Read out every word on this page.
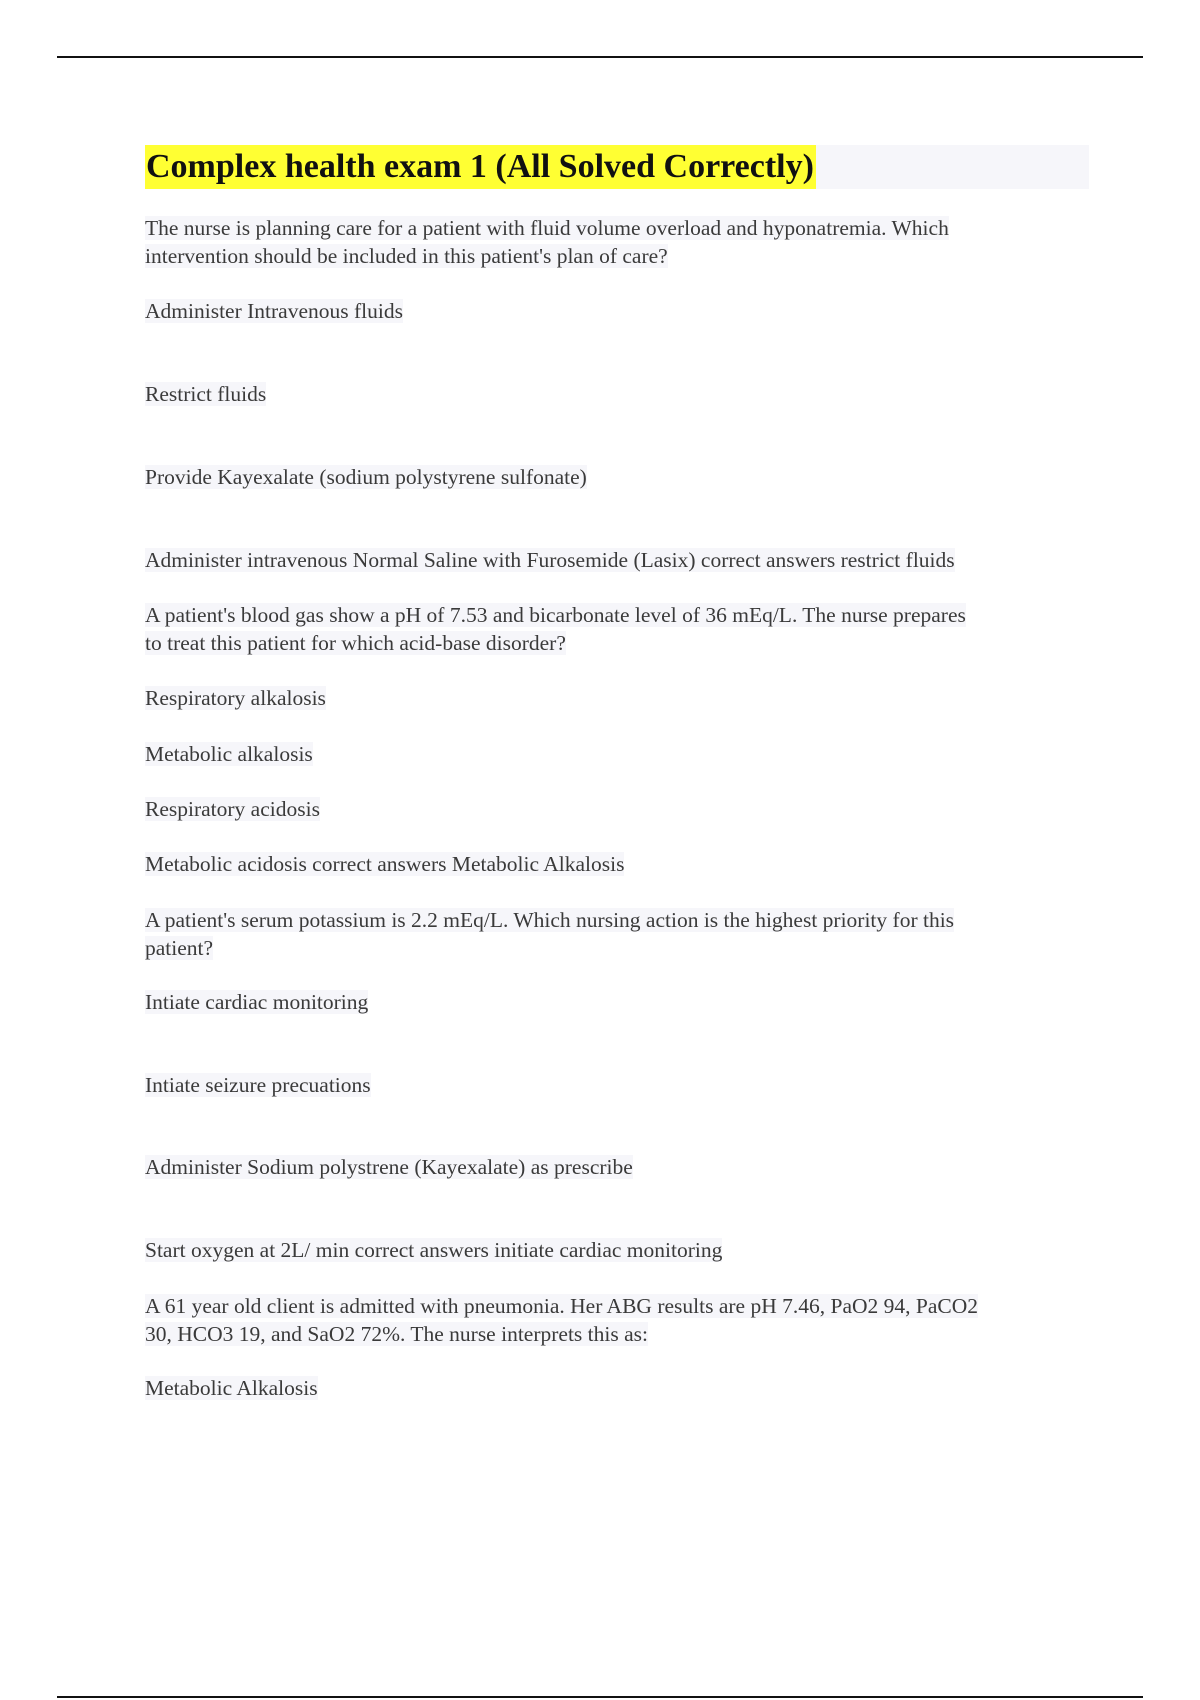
Complex health exam 1 (All Solved Correctly)
The nurse is planning care for a patient with fluid volume overload and hyponatremia. Which
intervention should be included in this patient's plan of care?
Administer Intravenous fluids
Restrict fluids
Provide Kayexalate (sodium polystyrene sulfonate)
Administer intravenous Normal Saline with Furosemide (Lasix) correct answers restrict fluids
A patient's blood gas show a pH of 7.53 and bicarbonate level of 36 mEq/L. The nurse prepares
to treat this patient for which acid-base disorder?
Respiratory alkalosis
Metabolic alkalosis
Respiratory acidosis
Metabolic acidosis correct answers Metabolic Alkalosis
A patient's serum potassium is 2.2 mEq/L. Which nursing action is the highest priority for this
patient?
Intiate cardiac monitoring
Intiate seizure precuations
Administer Sodium polystrene (Kayexalate) as prescribe
Start oxygen at 2L/ min correct answers initiate cardiac monitoring
A 61 year old client is admitted with pneumonia. Her ABG results are pH 7.46, PaO2 94, PaCO2
30, HCO3 19, and SaO2 72%. The nurse interprets this as:
Metabolic Alkalosis
